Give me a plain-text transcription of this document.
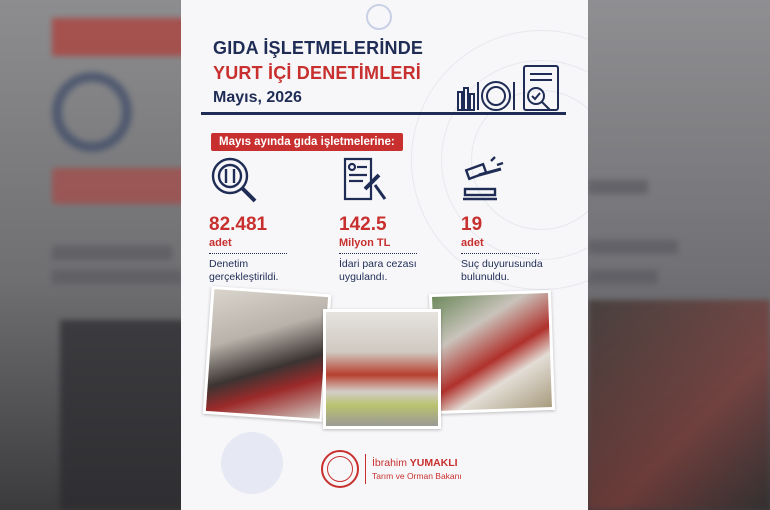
GIDA İŞLETMELERİNDE
YURT İÇİ DENETİMLERİ
Mayıs, 2026
Mayıs ayında gıda işletmelerine:
82.481
adet
Denetim
gerçekleştirildi.
142.5
Milyon TL
İdari para cezası
uygulandı.
19
adet
Suç duyurusunda
bulunuldu.
İbrahim YUMAKLI
Tarım ve Orman Bakanı
